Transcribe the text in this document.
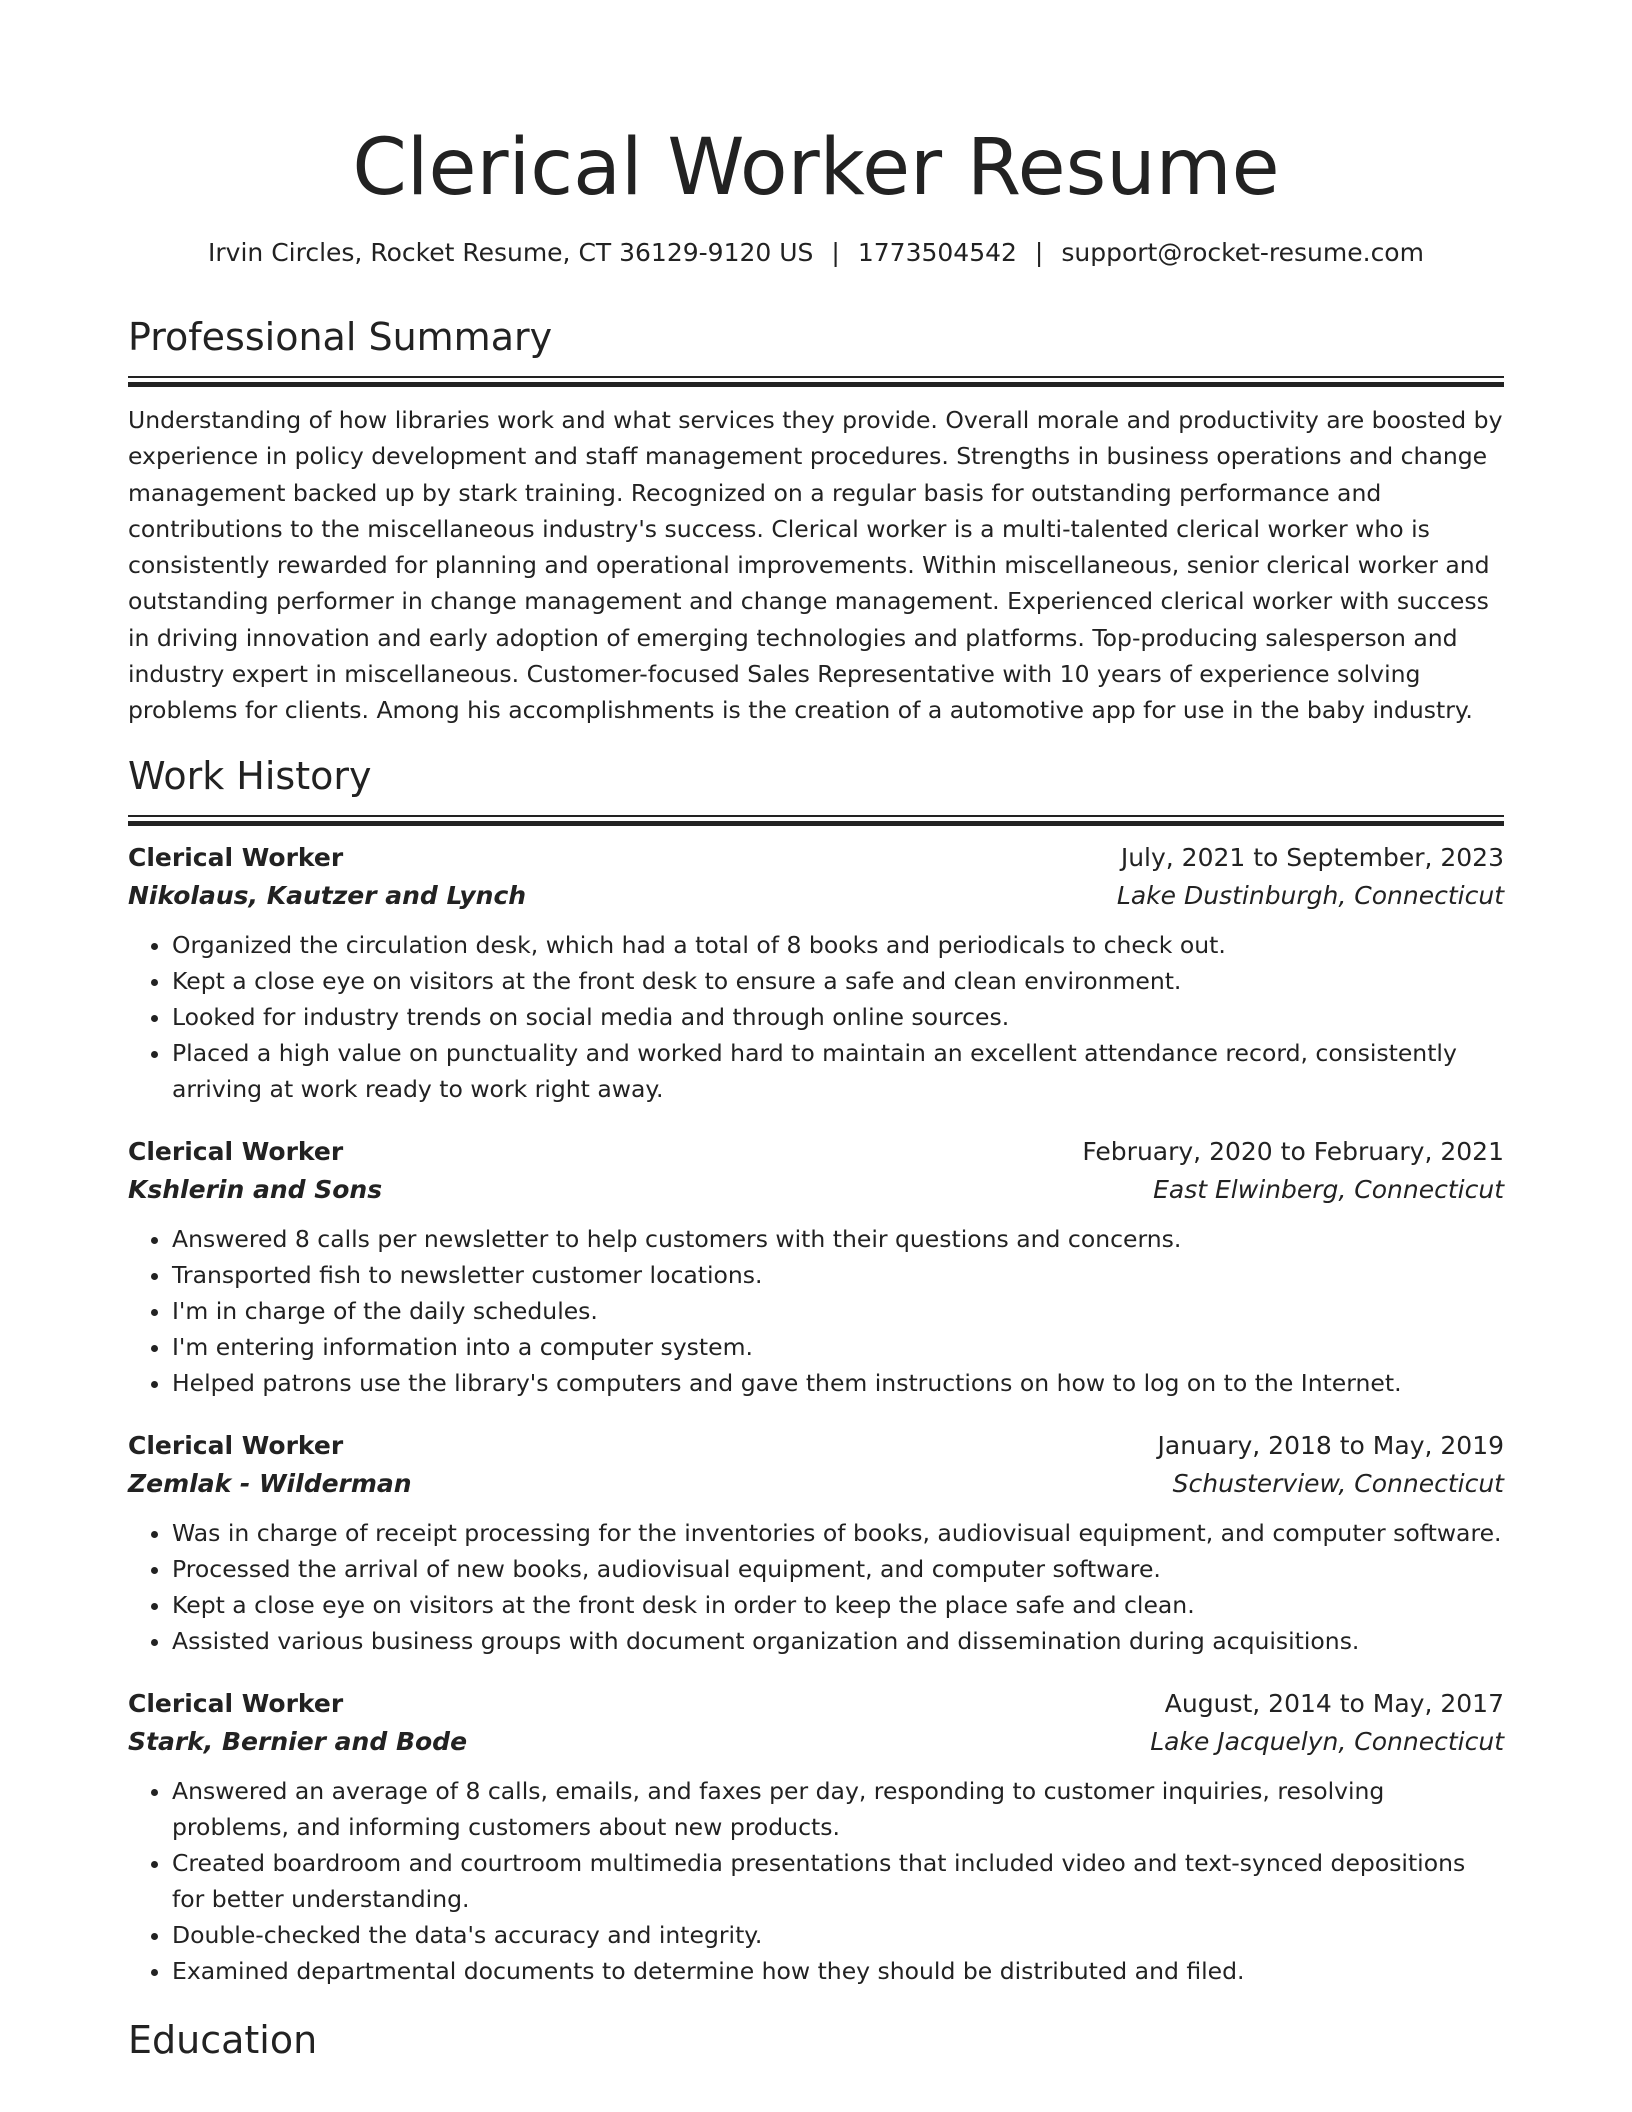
Clerical Worker Resume
Irvin Circles, Rocket Resume, CT 36129-9120 US | 1773504542 | support@rocket-resume.com
Professional Summary

Understanding of how libraries work and what services they provide. Overall morale and productivity are boosted by experience in policy development and staff management procedures. Strengths in business operations and change management backed up by stark training. Recognized on a regular basis for outstanding performance and contributions to the miscellaneous industry's success. Clerical worker is a multi-talented clerical worker who is consistently rewarded for planning and operational improvements. Within miscellaneous, senior clerical worker and outstanding performer in change management and change management. Experienced clerical worker with success in driving innovation and early adoption of emerging technologies and platforms. Top-producing salesperson and industry expert in miscellaneous. Customer-focused Sales Representative with 10 years of experience solving problems for clients. Among his accomplishments is the creation of a automotive app for use in the baby industry.

Work History
Clerical Worker	July, 2021 to September, 2023
Nikolaus, Kautzer and Lynch	Lake Dustinburgh, Connecticut
• Organized the circulation desk, which had a total of 8 books and periodicals to check out.
• Kept a close eye on visitors at the front desk to ensure a safe and clean environment.
• Looked for industry trends on social media and through online sources.
• Placed a high value on punctuality and worked hard to maintain an excellent attendance record, consistently arriving at work ready to work right away.
Clerical Worker	February, 2020 to February, 2021
Kshlerin and Sons	East Elwinberg, Connecticut
• Answered 8 calls per newsletter to help customers with their questions and concerns.
• Transported fish to newsletter customer locations.
• I'm in charge of the daily schedules.
• I'm entering information into a computer system.
• Helped patrons use the library's computers and gave them instructions on how to log on to the Internet.
Clerical Worker	January, 2018 to May, 2019
Zemlak - Wilderman	Schusterview, Connecticut
• Was in charge of receipt processing for the inventories of books, audiovisual equipment, and computer software.
• Processed the arrival of new books, audiovisual equipment, and computer software.
• Kept a close eye on visitors at the front desk in order to keep the place safe and clean.
• Assisted various business groups with document organization and dissemination during acquisitions.
Clerical Worker	August, 2014 to May, 2017
Stark, Bernier and Bode	Lake Jacquelyn, Connecticut
• Answered an average of 8 calls, emails, and faxes per day, responding to customer inquiries, resolving problems, and informing customers about new products.
• Created boardroom and courtroom multimedia presentations that included video and text-synced depositions for better understanding.
• Double-checked the data's accuracy and integrity.
• Examined departmental documents to determine how they should be distributed and filed.
Education
